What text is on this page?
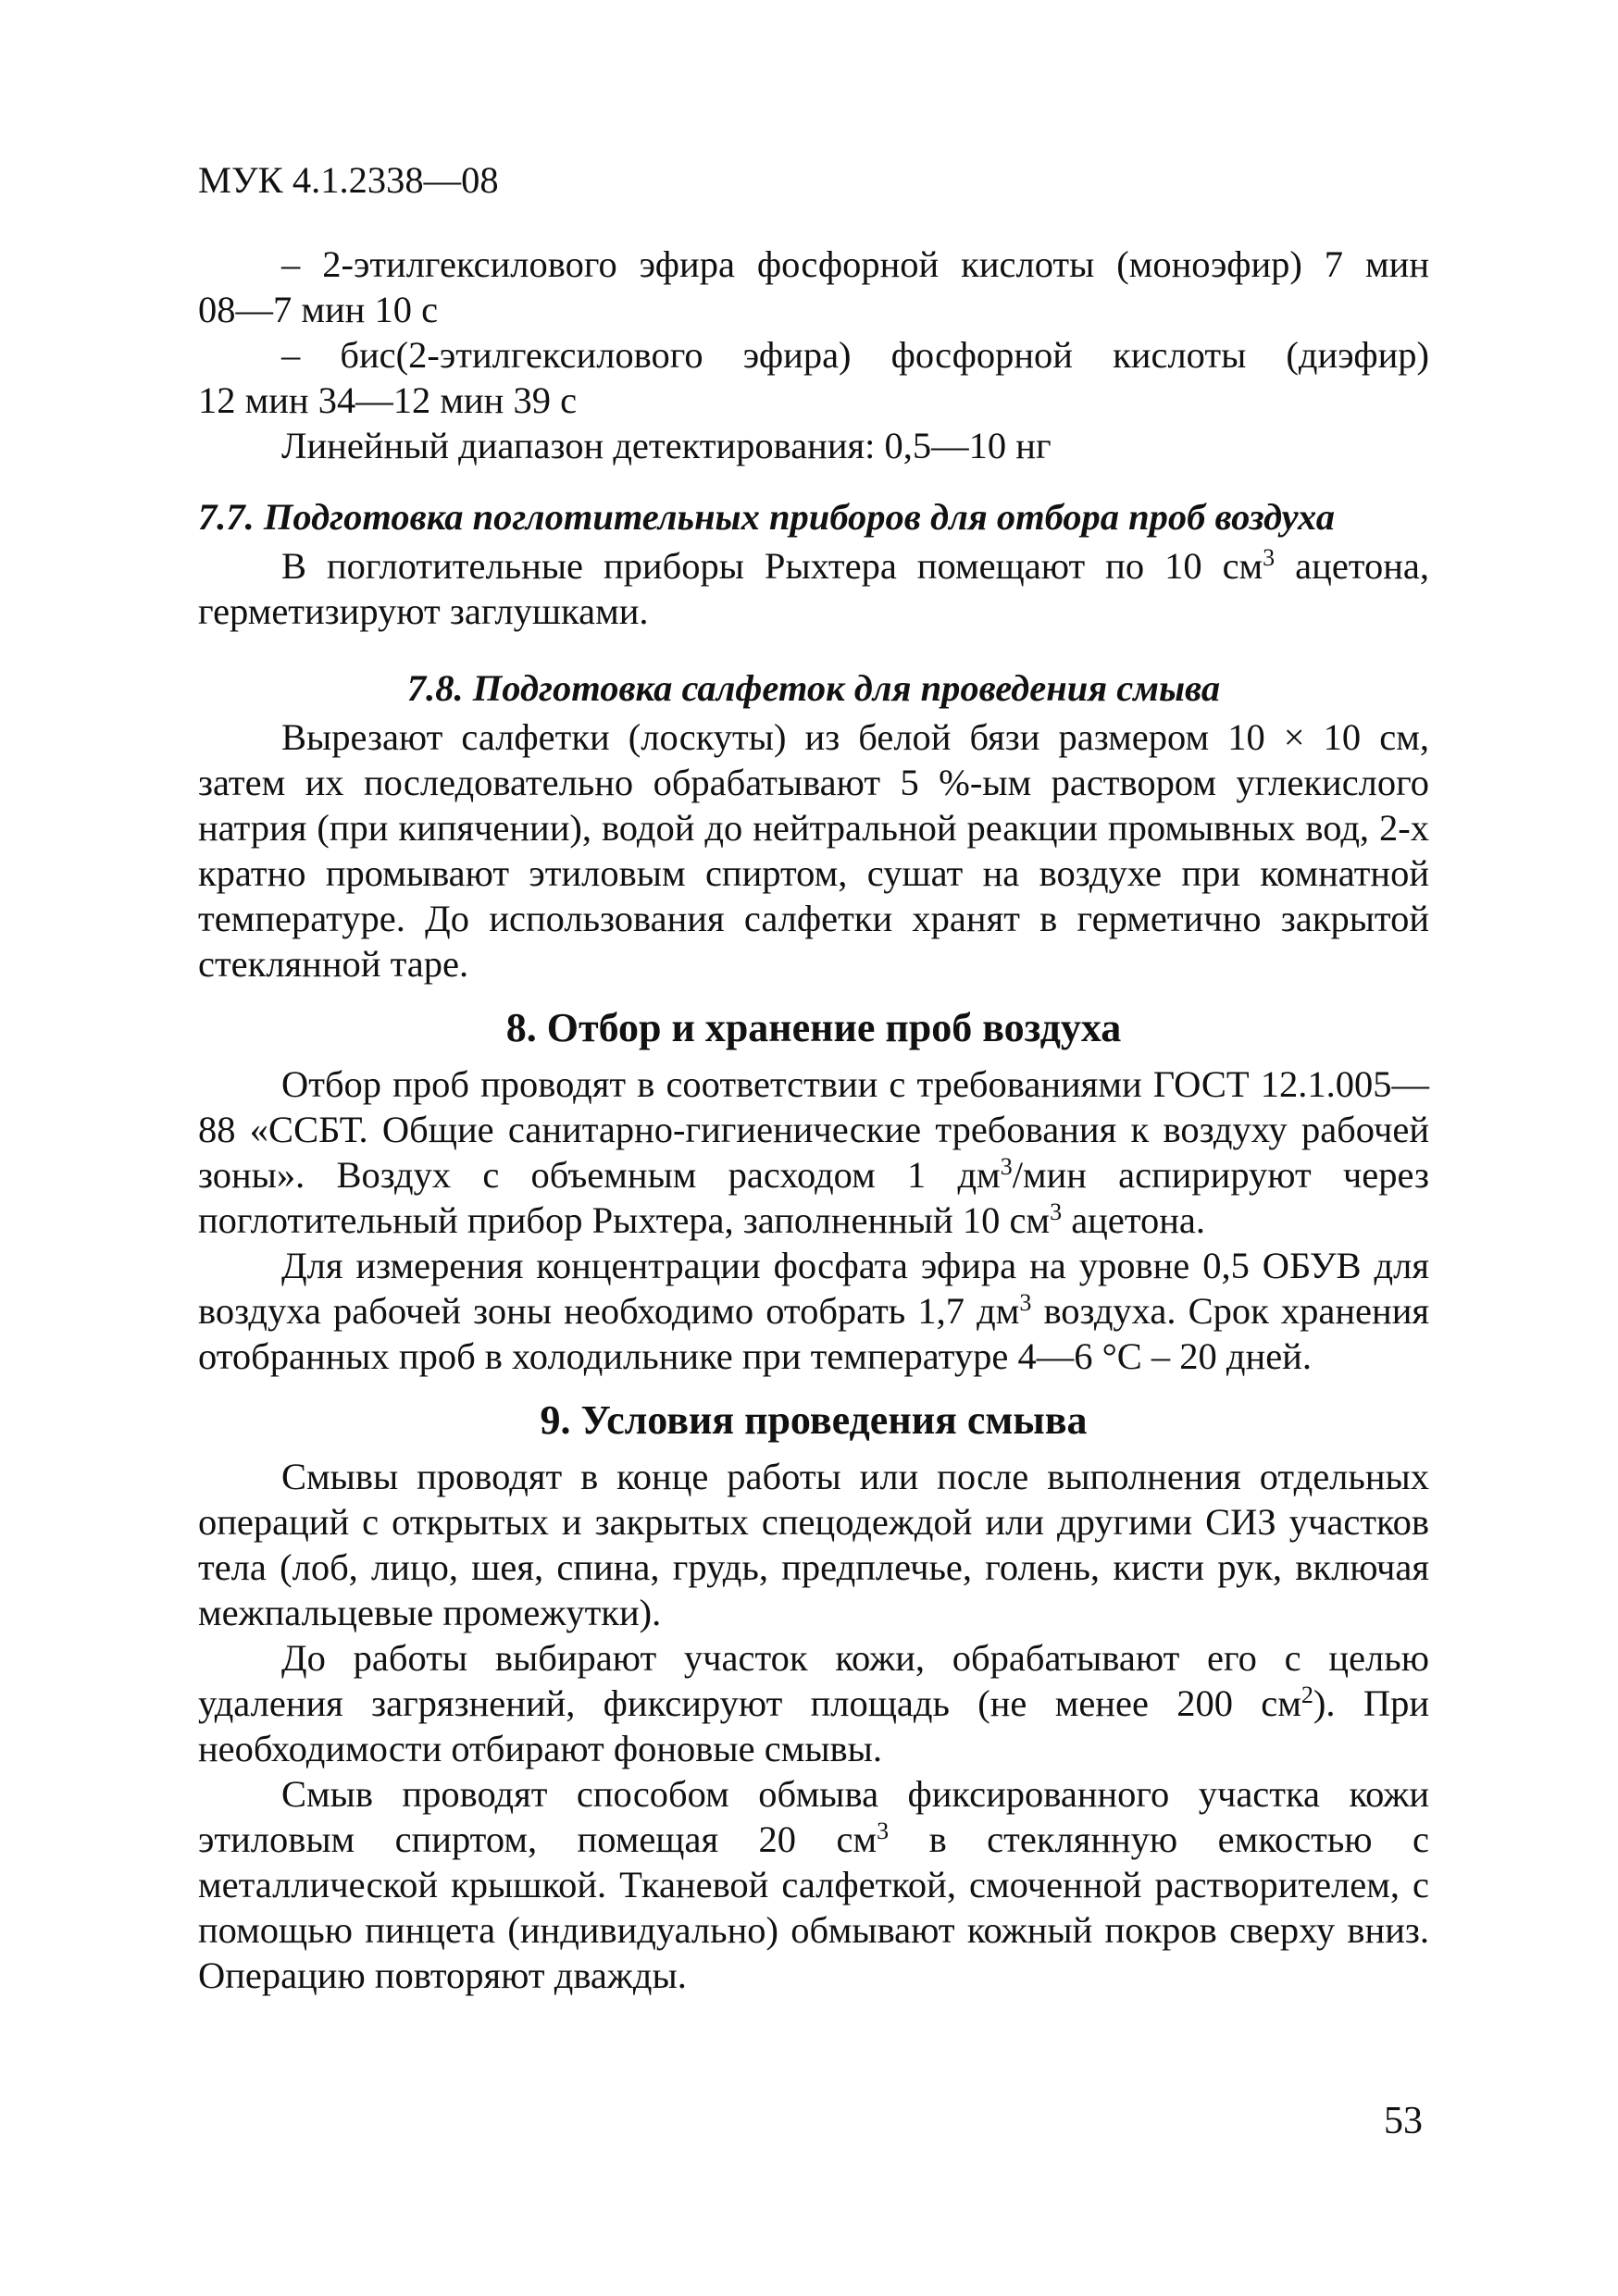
МУК 4.1.2338—08

– 2-этилгексилового эфира фосфорной кислоты (моноэфир) 7 мин

08—7 мин 10 с

– бис(2-этилгексилового эфира) фосфорной кислоты (диэфир)

12 мин 34—12 мин 39 с

Линейный диапазон детектирования: 0,5—10 нг

7.7. Подготовка поглотительных приборов для отбора проб воздуха

В поглотительные приборы Рыхтера помещают по 10 $см^3$ ацетона, герметизируют заглушками.

7.8. Подготовка салфеток для проведения смыва

Вырезают салфетки (лоскуты) из белой бязи размером 10 × 10 см, затем их последовательно обрабатывают 5 %-ым раствором углекислого натрия (при кипячении), водой до нейтральной реакции промывных вод, 2-х кратно промывают этиловым спиртом, сушат на воздухе при комнатной температуре. До использования салфетки хранят в герметично закрытой стеклянной таре.

8. Отбор и хранение проб воздуха

Отбор проб проводят в соответствии с требованиями ГОСТ 12.1.005—88 «ССБТ. Общие санитарно-гигиенические требования к воздуху рабочей зоны». Воздух с объемным расходом 1 $дм^3$/мин аспирируют через поглотительный прибор Рыхтера, заполненный 10 $см^3$ ацетона.

Для измерения концентрации фосфата эфира на уровне 0,5 ОБУВ для воздуха рабочей зоны необходимо отобрать 1,7 $дм^3$ воздуха. Срок хранения отобранных проб в холодильнике при температуре 4—6 °С – 20 дней.

9. Условия проведения смыва

Смывы проводят в конце работы или после выполнения отдельных операций с открытых и закрытых спецодеждой или другими СИЗ участков тела (лоб, лицо, шея, спина, грудь, предплечье, голень, кисти рук, включая межпальцевые промежутки).

До работы выбирают участок кожи, обрабатывают его с целью удаления загрязнений, фиксируют площадь (не менее 200 $см^2$). При необходимости отбирают фоновые смывы.

Смыв проводят способом обмыва фиксированного участка кожи этиловым спиртом, помещая 20 $см^3$ в стеклянную емкостью с металлической крышкой. Тканевой салфеткой, смоченной растворителем, с помощью пинцета (индивидуально) обмывают кожный покров сверху вниз. Операцию повторяют дважды.

53
